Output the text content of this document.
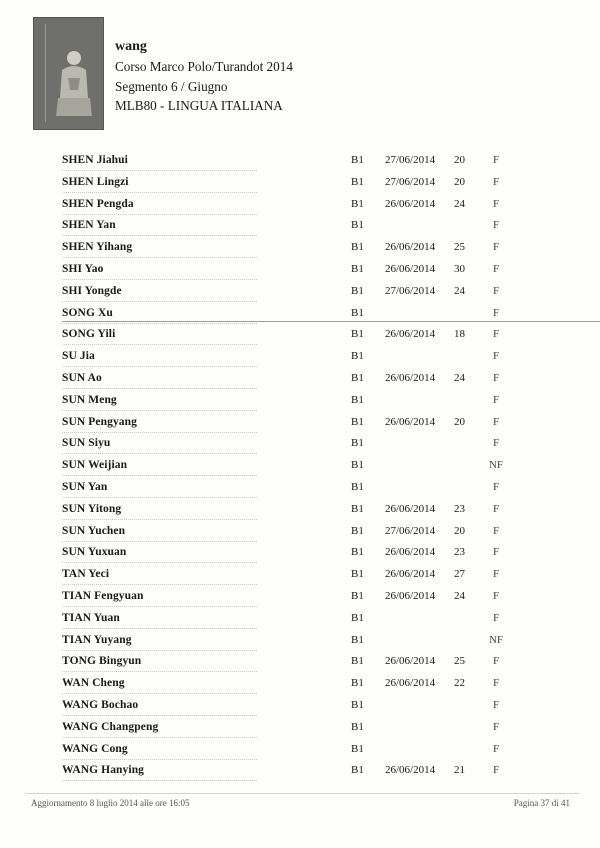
wang
Corso Marco Polo/Turandot 2014
Segmento 6 / Giugno
MLB80 - LINGUA ITALIANA
SHEN Jiahui	B1 27/06/2014 20	F
SHEN Lingzi	B1 27/06/2014 20	F
SHEN Pengda	B1 26/06/2014 24	F
SHEN Yan	B1	F
SHEN Yihang	B1 26/06/2014 25	F
SHI Yao	B1 26/06/2014 30	F
SHI Yongde	B1 27/06/2014 24	F
SONG Xu	B1	F
SONG Yili	B1 26/06/2014 18	F
SU Jia	B1	F
SUN Ao	B1 26/06/2014 24	F
SUN Meng	B1	F
SUN Pengyang	B1 26/06/2014 20	F
SUN Siyu	B1	F
SUN Weijian	B1	NF
SUN Yan	B1	F
SUN Yitong	B1 26/06/2014 23	F
SUN Yuchen	B1 27/06/2014 20	F
SUN Yuxuan	B1 26/06/2014 23	F
TAN Yeci	B1 26/06/2014 27	F
TIAN Fengyuan	B1 26/06/2014 24	F
TIAN Yuan	B1	F
TIAN Yuyang	B1	NF
TONG Bingyun	B1 26/06/2014 25	F
WAN Cheng	B1 26/06/2014 22	F
WANG Bochao	B1	F
WANG Changpeng	B1	F
WANG Cong	B1	F
WANG Hanying	B1 26/06/2014 21	F
Aggiornamento 8 luglio 2014 alle ore 16:05	Pagina 37 di 41
